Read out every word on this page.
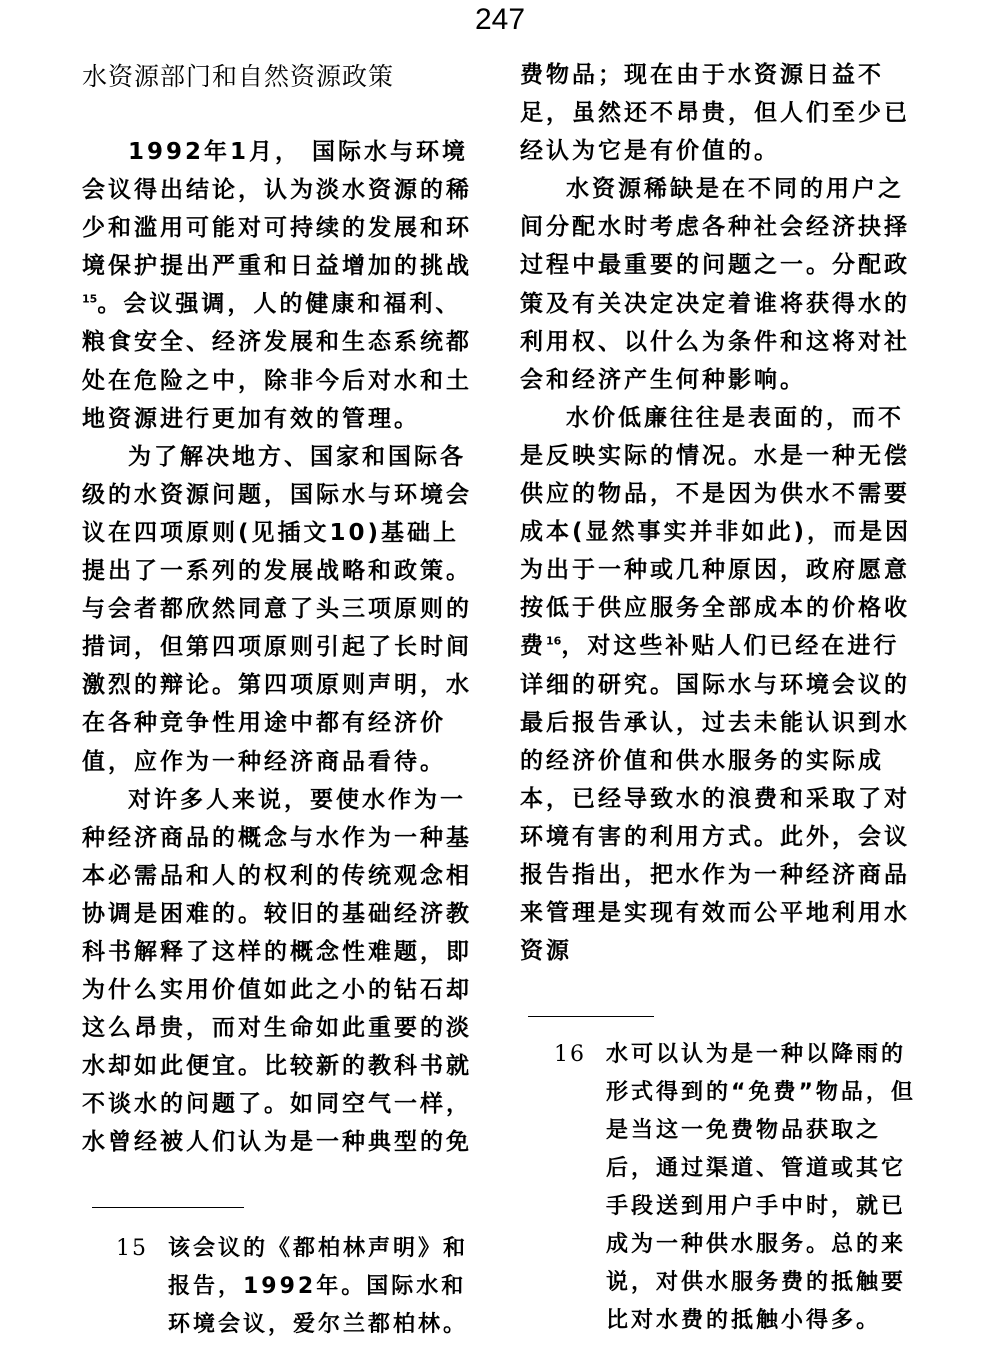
247
水资源部门和自然资源政策

1992年1月， 国际水与环境会议得出结论，认为淡水资源的稀少和滥用可能对可持续的发展和环境保护提出严重和日益增加的挑战$^{15}$。会议强调，人的健康和福利、粮食安全、经济发展和生态系统都处在危险之中，除非今后对水和土地资源进行更加有效的管理。

为了解决地方、国家和国际各级的水资源问题，国际水与环境会议在四项原则(见插文10)基础上提出了一系列的发展战略和政策。与会者都欣然同意了头三项原则的措词，但第四项原则引起了长时间激烈的辩论。第四项原则声明，水在各种竞争性用途中都有经济价值，应作为一种经济商品看待。

对许多人来说，要使水作为一种经济商品的概念与水作为一种基本必需品和人的权利的传统观念相协调是困难的。较旧的基础经济教科书解释了这样的概念性难题，即为什么实用价值如此之小的钻石却这么昂贵，而对生命如此重要的淡水却如此便宜。比较新的教科书就不谈水的问题了。如同空气一样，水曾经被人们认为是一种典型的免

15 该会议的《都柏林声明》和报告，1992年。国际水和环境会议，爱尔兰都柏林。

费物品；现在由于水资源日益不足，虽然还不昂贵，但人们至少已经认为它是有价值的。

水资源稀缺是在不同的用户之间分配水时考虑各种社会经济抉择过程中最重要的问题之一。分配政策及有关决定决定着谁将获得水的利用权、以什么为条件和这将对社会和经济产生何种影响。

水价低廉往往是表面的，而不是反映实际的情况。水是一种无偿供应的物品，不是因为供水不需要成本(显然事实并非如此)，而是因为出于一种或几种原因，政府愿意按低于供应服务全部成本的价格收费$^{16}$，对这些补贴人们已经在进行详细的研究。国际水与环境会议的最后报告承认，过去未能认识到水的经济价值和供水服务的实际成本，已经导致水的浪费和采取了对环境有害的利用方式。此外，会议报告指出，把水作为一种经济商品来管理是实现有效而公平地利用水资源

16 水可以认为是一种以降雨的形式得到的“免费”物品，但是当这一免费物品获取之后，通过渠道、管道或其它手段送到用户手中时，就已成为一种供水服务。总的来说，对供水服务费的抵触要比对水费的抵触小得多。
